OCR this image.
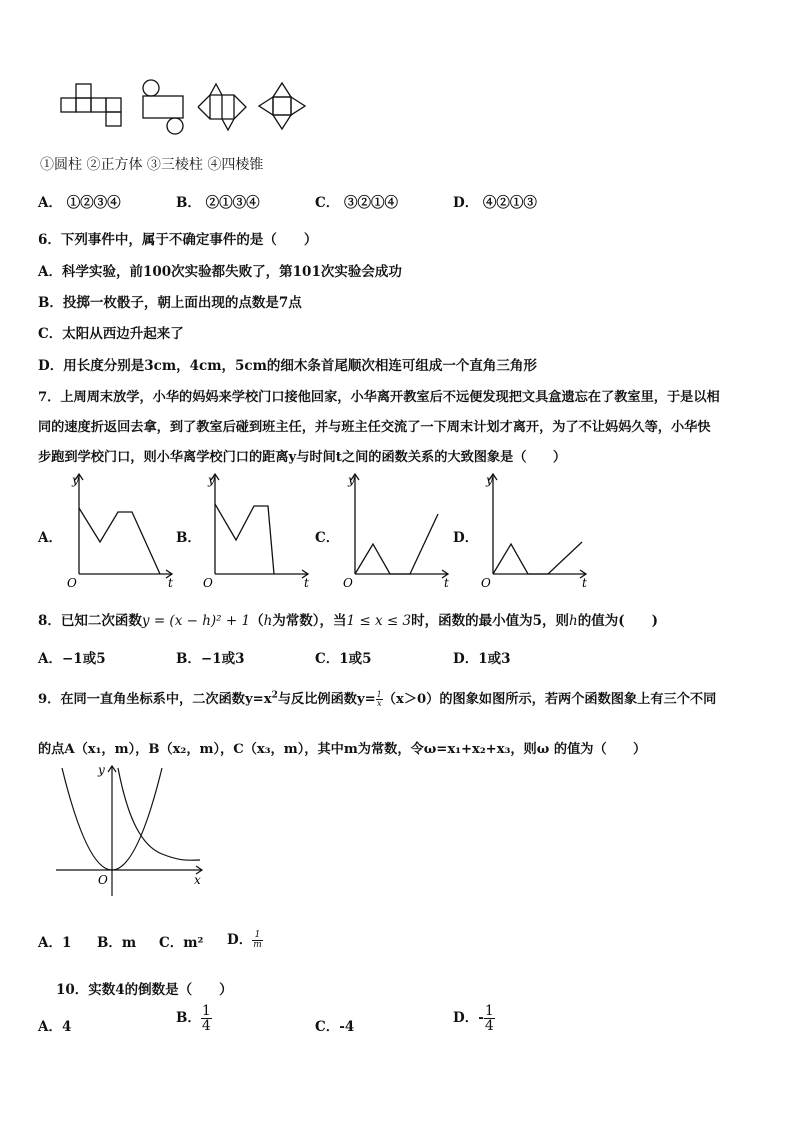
①圆柱 ②正方体 ③三棱柱 ④四棱锥
A． ①②③④	B． ②①③④	C． ③②①④	D． ④②①③
6．下列事件中，属于不确定事件的是（　　）
A．科学实验，前100次实验都失败了，第101次实验会成功
B．投掷一枚骰子，朝上面出现的点数是7点
C．太阳从西边升起来了
D．用长度分别是3cm，4cm，5cm的细木条首尾顺次相连可组成一个直角三角形
7．上周周末放学，小华的妈妈来学校门口接他回家，小华离开教室后不远便发现把文具盒遗忘在了教室里，于是以相
同的速度折返回去拿，到了教室后碰到班主任，并与班主任交流了一下周末计划才离开，为了不让妈妈久等，小华快
步跑到学校门口，则小华离学校门口的距离y与时间t之间的函数关系的大致图象是（　　）
A．	B．	C．	D．
y
t
O
y
t
O
y
t
O
y
t
O
8．已知二次函数y = (x − h)² + 1（h为常数），当1 ≤ x ≤ 3时，函数的最小值为5，则h的值为(　　)
A．−1或5	B．−1或3	C．1或5	D．1或3
9．在同一直角坐标系中，二次函数$y=x^2$与反比例函数$y= \frac{1}{x} (x>0)$的图象如图所示，若两个函数图象上有三个不同
的点A（x₁，m），B（x₂，m），C（x₃，m），其中m为常数，令ω=x₁+x₂+x₃，则ω 的值为（　　）
y
x
O
A．1 B．m C．m² D． $\frac{1}{m}$
10．实数4的倒数是（　　）
A．4
B． $\frac{1}{4}$	C．-4
D．- $\frac{1}{4}$
